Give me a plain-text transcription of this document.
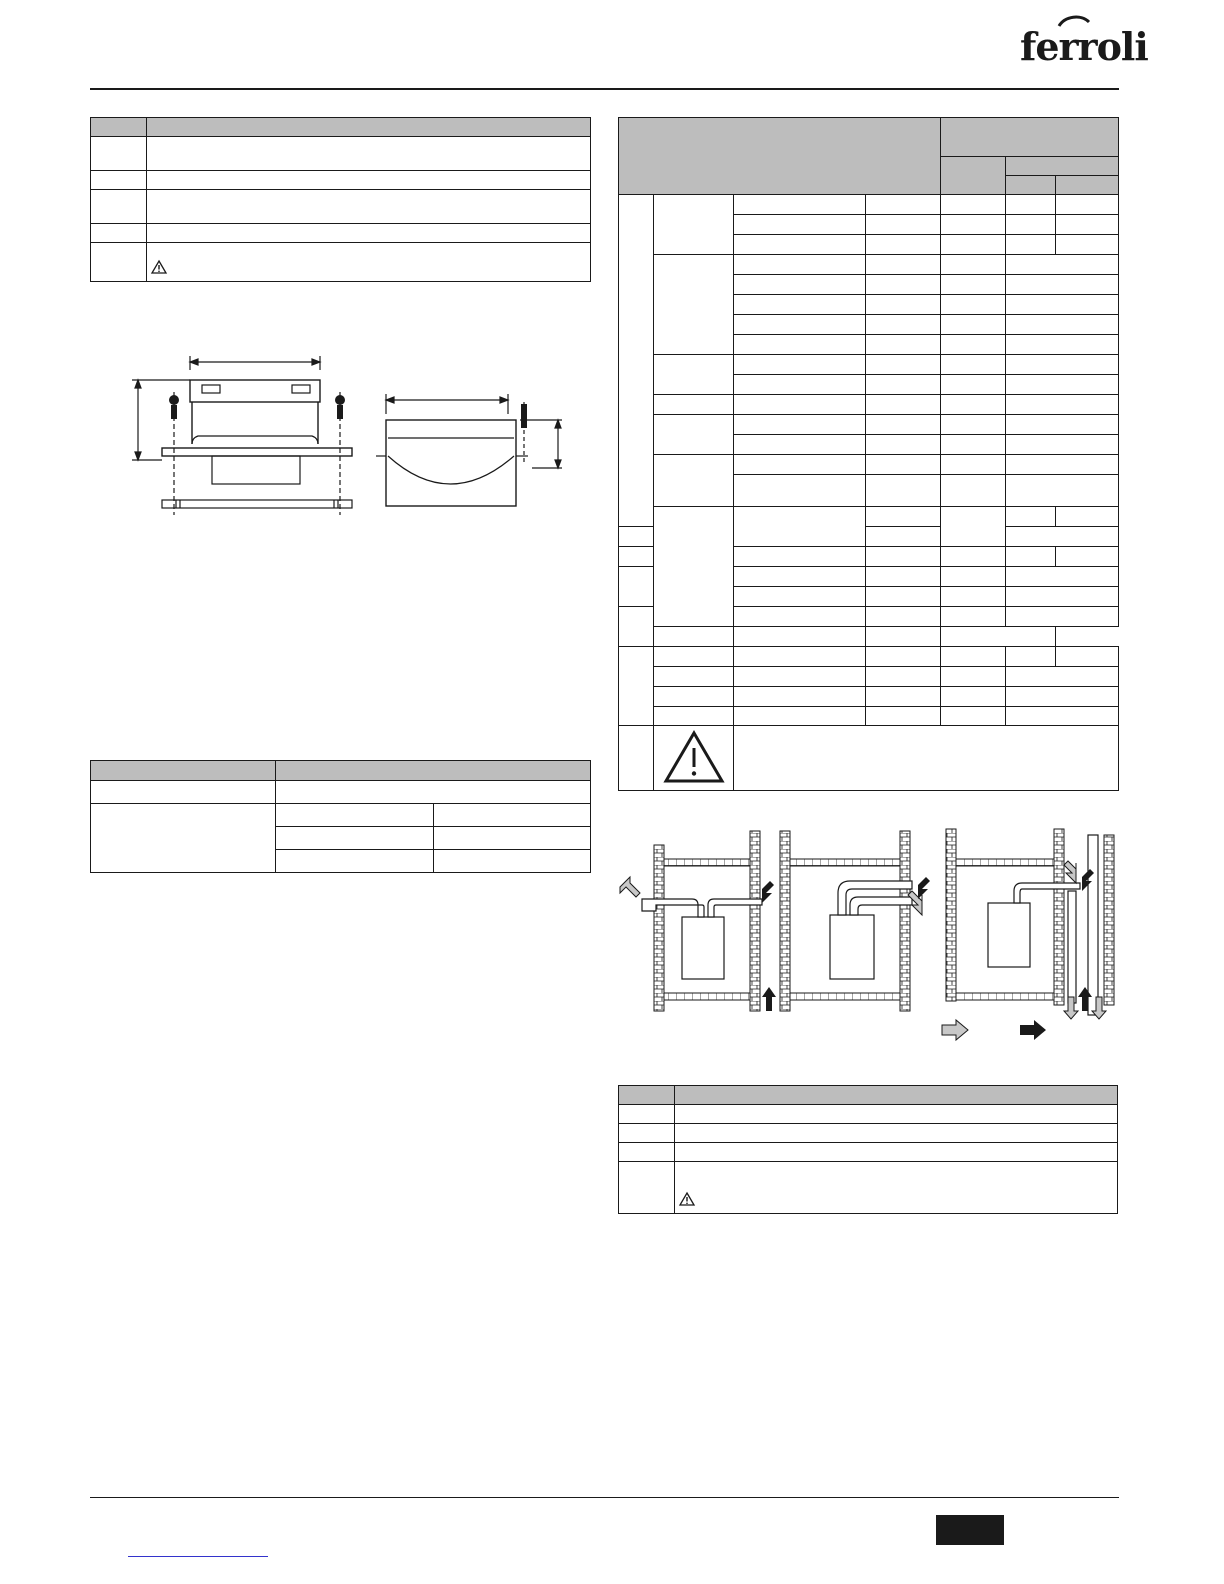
ferroli
